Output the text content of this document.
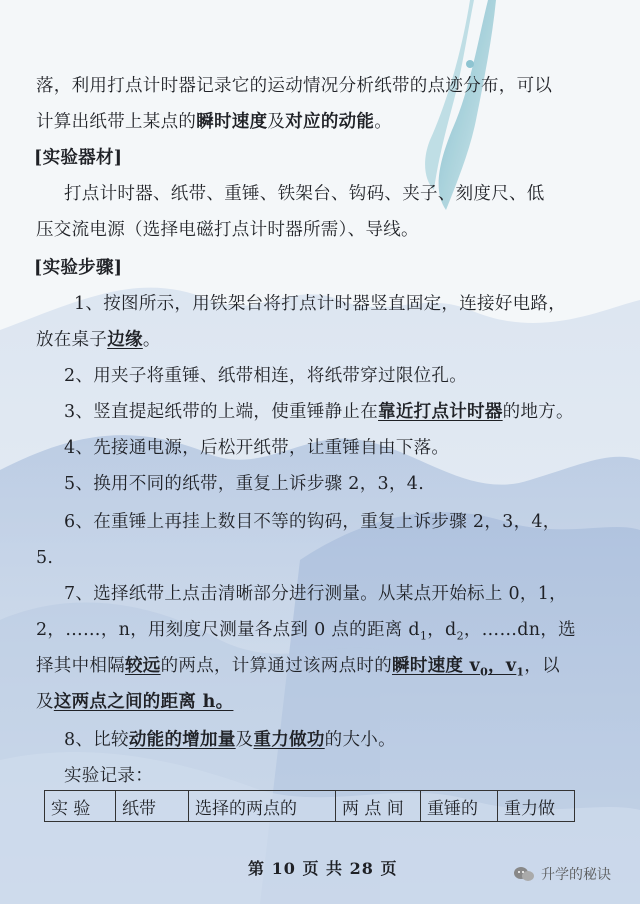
落，利用打点计时器记录它的运动情况分析纸带的点迹分布，可以
计算出纸带上某点的瞬时速度及对应的动能。
[实验器材]
打点计时器、纸带、重锤、铁架台、钩码、夹子、刻度尺、低
压交流电源（选择电磁打点计时器所需）、导线。
[实验步骤]
1、按图所示，用铁架台将打点计时器竖直固定，连接好电路，
放在桌子边缘。
2、用夹子将重锤、纸带相连，将纸带穿过限位孔。
3、竖直提起纸带的上端，使重锤静止在靠近打点计时器的地方。
4、先接通电源，后松开纸带，让重锤自由下落。
5、换用不同的纸带，重复上诉步骤 2，3，4.
6、在重锤上再挂上数目不等的钩码，重复上诉步骤 2，3，4，
5.
7、选择纸带上点击清晰部分进行测量。从某点开始标上 0，1，
2，……，n，用刻度尺测量各点到 0 点的距离 $d_1$，$d_2$，……dn，选
择其中相隔较远的两点，计算通过该两点时的瞬时速度 $v_0$，$v_1$，以
及这两点之间的距离 h。
8、比较动能的增加量及重力做功的大小。
实验记录：
实 验	纸带	选择的两点的	两 点 间	重锤的	重力做
第 10 页 共 28 页	升学的秘诀
